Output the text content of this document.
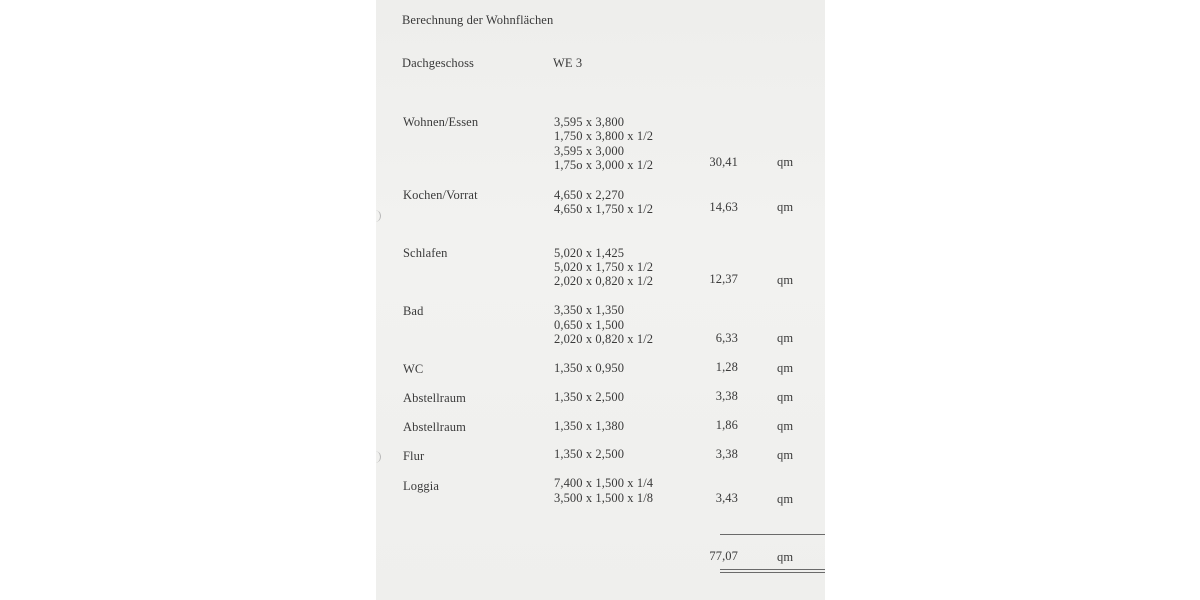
Berechnung der Wohnflächen
Dachgeschoss	WE 3
Wohnen/Essen	3,595 x 3,800
1,750 x 3,800 x 1/2
3,595 x 3,000
1,75o x 3,000 x 1/2	30,41	qm
Kochen/Vorrat	4,650 x 2,270
4,650 x 1,750 x 1/2	14,63	qm
Schlafen	5,020 x 1,425
5,020 x 1,750 x 1/2
2,020 x 0,820 x 1/2	12,37	qm
Bad	3,350 x 1,350
0,650 x 1,500
2,020 x 0,820 x 1/2	6,33	qm
WC	1,350 x 0,950	1,28	qm
Abstellraum	1,350 x 2,500	3,38	qm
Abstellraum	1,350 x 1,380	1,86	qm
Flur	1,350 x 2,500	3,38	qm
Loggia	7,400 x 1,500 x 1/4
3,500 x 1,500 x 1/8	3,43	qm
77,07	qm
